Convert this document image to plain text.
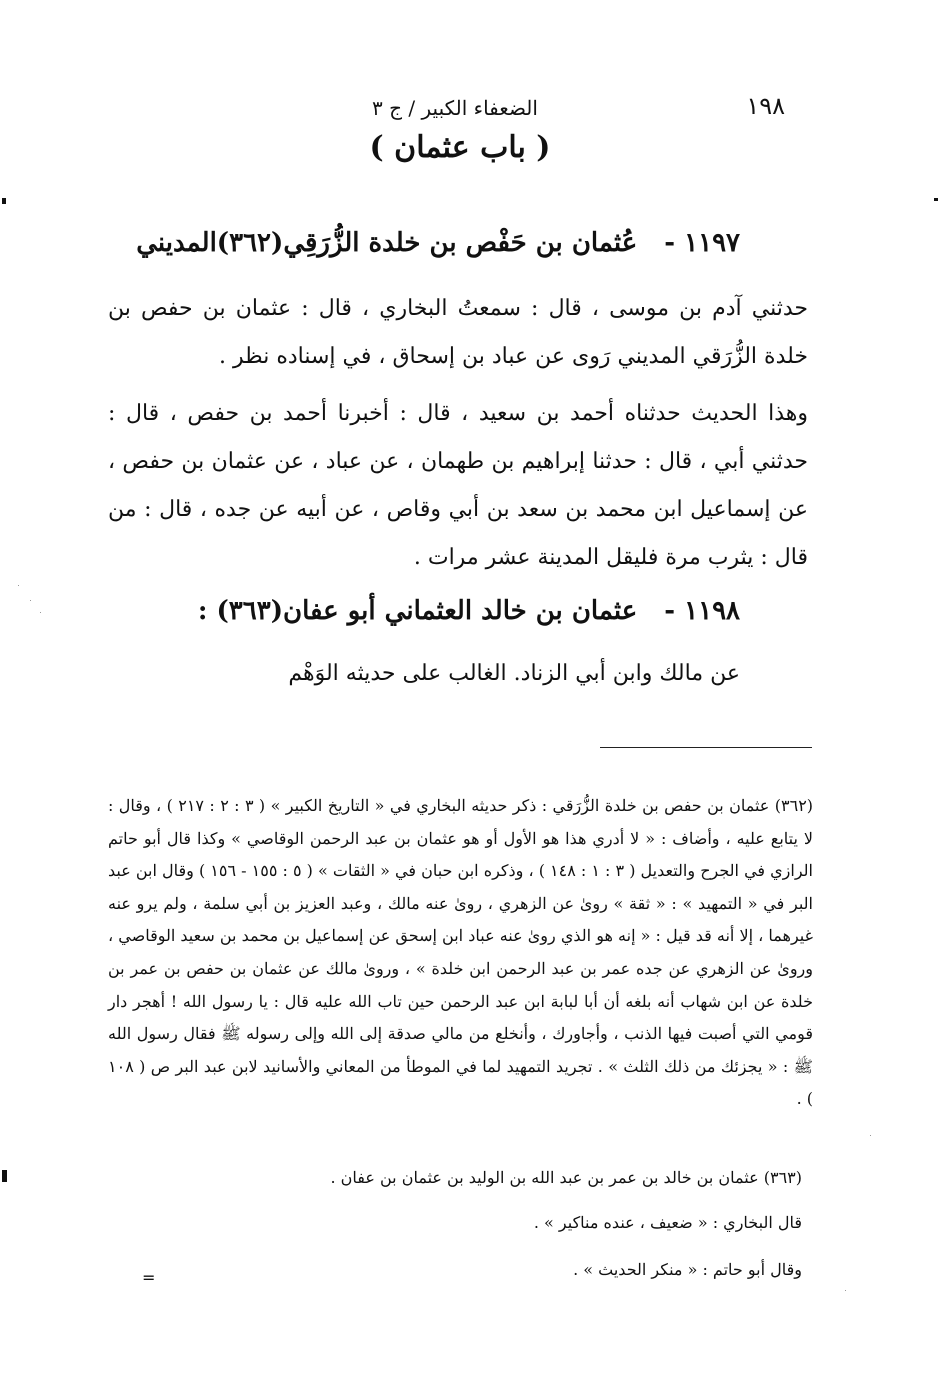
١٩٨
الضعفاء الكبير / ج ٣
( باب عثمان )
١١٩٧ - عُثمان بن حَفْص بن خلدة الزُّرَقِي(٣٦٢)المديني
حدثني آدم بن موسى ، قال : سمعتُ البخاري ، قال : عثمان بن حفص بن خلدة الزُّرَقي المديني رَوى عن عباد بن إسحاق ، في إسناده نظر .
وهذا الحديث حدثناه أحمد بن سعيد ، قال : أخبرنا أحمد بن حفص ، قال : حدثني أبي ، قال : حدثنا إبراهيم بن طهمان ، عن عباد ، عن عثمان بن حفص ، عن إسماعيل ابن محمد بن سعد بن أبي وقاص ، عن أبيه عن جده ، قال : من قال : يثرب مرة فليقل المدينة عشر مرات .
١١٩٨ - عثمان بن خالد العثماني أبو عفان(٣٦٣) :
عن مالك وابن أبي الزناد. الغالب على حديثه الوَهْم
(٣٦٢) عثمان بن حفص بن خلدة الزُّرَقي : ذكر حديثه البخاري في « التاريخ الكبير » ( ٣ : ٢ : ٢١٧ ) ، وقال : لا يتابع عليه ، وأضاف : « لا أدري هذا هو الأول أو هو عثمان بن عبد الرحمن الوقاصي » وكذا قال أبو حاتم الرازي في الجرح والتعديل ( ٣ : ١ : ١٤٨ ) ، وذكره ابن حبان في « الثقات » ( ٥ : ١٥٥ - ١٥٦ ) وقال ابن عبد البر في « التمهيد » : « ثقة » روىٰ عن الزهري ، روىٰ عنه مالك ، وعبد العزيز بن أبي سلمة ، ولم يرو عنه غيرهما ، إلا أنه قد قيل : « إنه هو الذي روىٰ عنه عباد ابن إسحق عن إسماعيل بن محمد بن سعيد الوقاصي ، وروىٰ عن الزهري عن جده عمر بن عبد الرحمن ابن خلدة » ، وروىٰ مالك عن عثمان بن حفص بن عمر بن خلدة عن ابن شهاب أنه بلغه أن أبا لبابة ابن عبد الرحمن حين تاب الله عليه قال : يا رسول الله ! أهجر دار قومي التي أصبت فيها الذنب ، وأجاورك ، وأنخلع من مالي صدقة إلى الله وإلى رسوله ﷺ فقال رسول الله ﷺ : « يجزئك من ذلك الثلث » . تجريد التمهيد لما في الموطأ من المعاني والأسانيد لابن عبد البر ص ( ١٠٨ ) .
(٣٦٣) عثمان بن خالد بن عمر بن عبد الله بن الوليد بن عثمان بن عفان .
قال البخاري : « ضعيف ، عنده مناكير » .
وقال أبو حاتم : « منكر الحديث » .
=
